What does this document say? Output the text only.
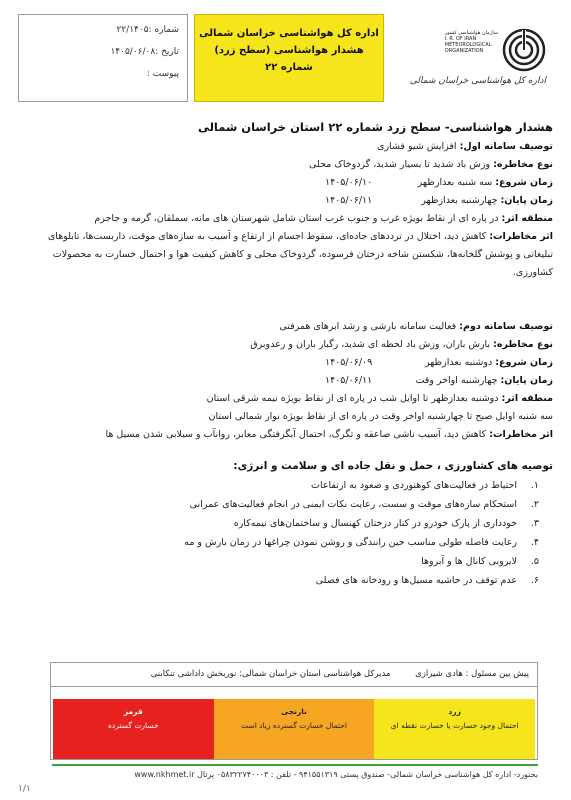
سازمان هواشناسی کشور
I. R. OF IRAN
METEOROLOGICAL
ORGANIZATION
اداره کل هواشناسی خراسان شمالی
اداره کل هواشناسی خراسان شمالی
هشدار هواشناسی (سطح زرد)
شماره ۲۲
شماره :۲۲/۱۴۰۵
تاریخ :۱۴۰۵/۰۶/۰۸
پیوست :
هشدار هواشناسی- سطح زرد شماره ۲۲ استان خراسان شمالی
توصیف سامانه اول: افزایش شیو فشاری
نوع مخاطره: وزش باد شدید تا بسیار شدید، گردوخاک محلی
زمان شروع: سه شنبه بعدازظهر
۱۴۰۵/۰۶/۱۰
زمان پایان: چهارشنبه بعدازظهر
۱۴۰۵/۰۶/۱۱
منطقه اثر: در پاره ای از نقاط بویژه غرب و جنوب غرب استان شامل شهرستان های مانه، سملقان، گرمه و جاجرم
اثر مخاطرات: کاهش دید، اختلال در ترددهای جاده‌ای، سقوط اجسام از ارتفاع و آسیب به سازه‌های موقت، داربست‌ها، تابلوهای تبلیغاتی و پوشش گلخانه‌ها، شکستن شاخه درختان فرسوده، گردوخاک محلی و کاهش کیفیت هوا و احتمال خسارت به محصولات کشاورزی.
توصیف سامانه دوم: فعالیت سامانه بارشی و رشد ابرهای همرفتی
نوع مخاطره: بارش باران، وزش باد لحظه ای شدید، رگبار باران و رعدوبرق
زمان شروع: دوشنبه بعدازظهر
۱۴۰۵/۰۶/۰۹
زمان پایان: چهارشنبه اواخر وقت
۱۴۰۵/۰۶/۱۱
منطقه اثر: دوشنبه بعدازظهر تا اوایل شب در پاره ای از نقاط بویژه نیمه شرقی استان
سه شنبه اوایل صبح تا چهارشنبه اواخر وقت در پاره ای از نقاط بویژه نوار شمالی استان
اثر مخاطرات: کاهش دید، آسیب ناشی صاعقه و تگرگ، احتمال آبگرفتگی معابر، روانآب و سیلابی شدن مسیل ها
توصیه های کشاورزی ، حمل و نقل جاده ای و سلامت و انرژی:
۱.
احتیاط در فعالیت‌های کوهنوردی و صعود به ارتفاعات
۲.
استحکام سازه‌های موقت و سست، رعایت نکات ایمنی در انجام فعالیت‌های عمرانی
۳.
خودداری از پارک خودرو در کنار درختان کهنسال و ساختمان‌های نیمه‌کاره
۴.
رعایت فاصله طولی مناسب حین رانندگی و روشن نمودن چراغها در زمان بارش و مه
۵.
لایروبی کانال ها و آبروها
۶.
عدم توقف در حاشیه مسیل‌ها و رودخانه های فصلی
پیش بین مسئول : هادی شیرازی مدیرکل هواشناسی استان خراسان شمالی: نوربخش داداشی تنکابنی
زرد
احتمال وجود خسارت یا خسارت نقطه ای
نارنجی
احتمال خسارت گسترده زیاد است
قرمز
خسارت گسترده
بجنورد- اداره کل هواشناسی خراسان شمالی- صندوق پستی ۹۴۱۵۵۱۳۱۹ - تلفن : ۰۵۸۳۲۲۷۴۰۰۰۳ پرتال www.nkhmet.ir
۱/۱
